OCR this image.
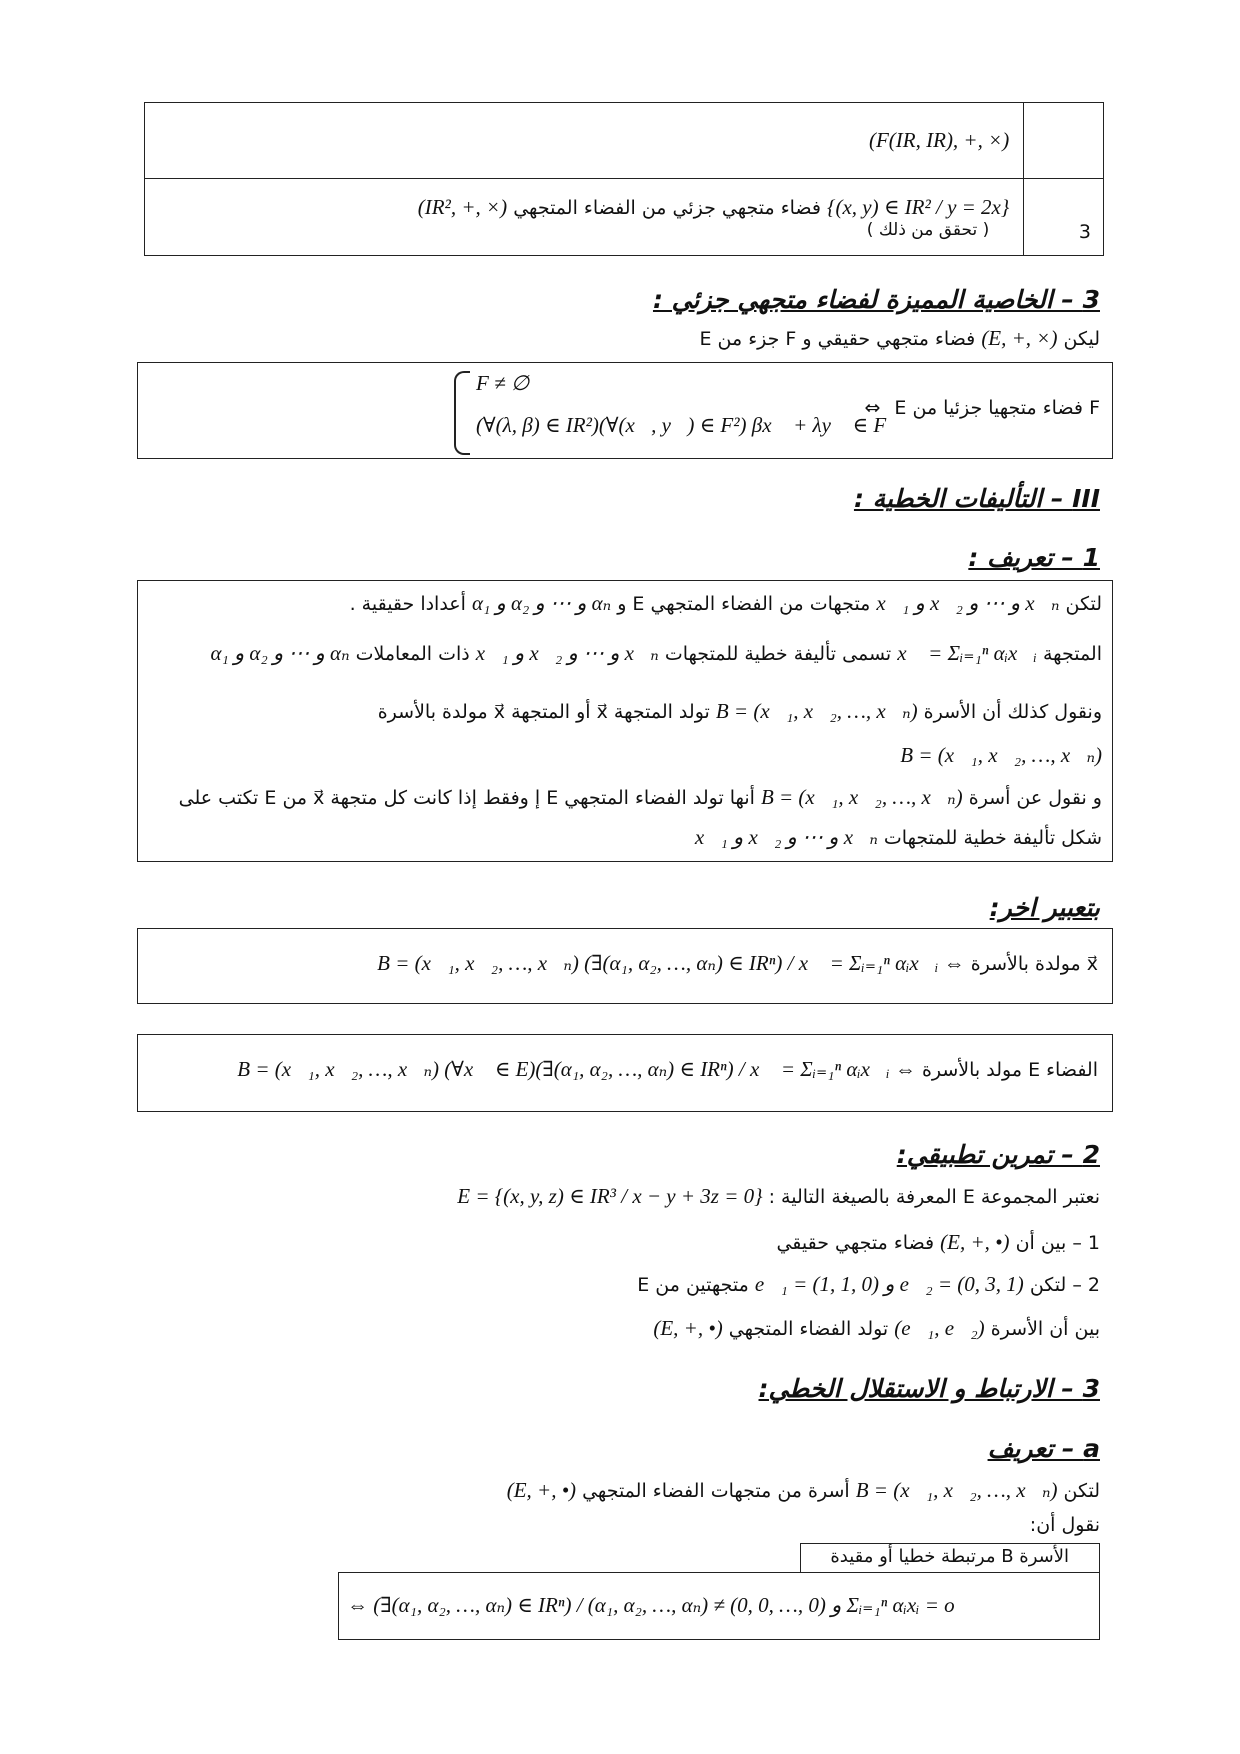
(F(IR, IR), +, ×)	

{(x, y) ∈ IR² / y = 2x} فضاء متجهي جزئي من الفضاء المتجهي (IR², +, ×)
( تحقق من ذلك )	3
3 – الخاصية المميزة لفضاء متجهي جزئي :
ليكن (E, +, ×) فضاء متجهي حقيقي و F جزء من E
F فضاء متجهيا جزئيا من E ⇔
F ≠ ∅
(∀(λ, β) ∈ IR²)(∀(x⃗, y⃗) ∈ F²) βx⃗ + λy⃗ ∈ F
III – التأليفات الخطية :
1 – تعريف :
لتكن x⃗₁ و x⃗₂ و ⋯ و x⃗ₙ متجهات من الفضاء المتجهي E و α₁ و α₂ و ⋯ و αₙ أعدادا حقيقية .
المتجهة x⃗ = Σᵢ₌₁ⁿ αᵢx⃗ᵢ تسمى تأليفة خطية للمتجهات x⃗₁ و x⃗₂ و ⋯ و x⃗ₙ ذات المعاملات α₁ و α₂ و ⋯ و αₙ
ونقول كذلك أن الأسرة B = (x⃗₁, x⃗₂, …, x⃗ₙ) تولد المتجهة x⃗ أو المتجهة x⃗ مولدة بالأسرة
B = (x⃗₁, x⃗₂, …, x⃗ₙ)
و نقول عن أسرة B = (x⃗₁, x⃗₂, …, x⃗ₙ) أنها تولد الفضاء المتجهي E إ وفقط إذا كانت كل متجهة x⃗ من E تكتب على
شكل تأليفة خطية للمتجهات x⃗₁ و x⃗₂ و ⋯ و x⃗ₙ
بتعبير اخر:
x⃗ مولدة بالأسرة B = (x⃗₁, x⃗₂, …, x⃗ₙ) (∃(α₁, α₂, …, αₙ) ∈ IRⁿ) / x⃗ = Σᵢ₌₁ⁿ αᵢx⃗ᵢ ⇔
الفضاء E مولد بالأسرة B = (x⃗₁, x⃗₂, …, x⃗ₙ) (∀x⃗ ∈ E)(∃(α₁, α₂, …, αₙ) ∈ IRⁿ) / x⃗ = Σᵢ₌₁ⁿ αᵢx⃗ᵢ ⇔
2 – تمرين تطبيقي:
نعتبر المجموعة E المعرفة بالصيغة التالية : E = {(x, y, z) ∈ IR³ / x − y + 3z = 0}
1 – بين أن (E, +, •) فضاء متجهي حقيقي
2 – لتكن e⃗₁ = (1, 1, 0) و e⃗₂ = (0, 3, 1) متجهتين من E
بين أن الأسرة (e⃗₁, e⃗₂) تولد الفضاء المتجهي (E, +, •)
3 – الارتباط و الاستقلال الخطي:
a – تعريف
لتكن B = (x⃗₁, x⃗₂, …, x⃗ₙ) أسرة من متجهات الفضاء المتجهي (E, +, •)
نقول أن:
الأسرة B مرتبطة خطيا أو مقيدة
⇔ (∃(α₁, α₂, …, αₙ) ∈ IRⁿ) / (α₁, α₂, …, αₙ) ≠ (0, 0, …, 0) و Σᵢ₌₁ⁿ αᵢxᵢ = o
